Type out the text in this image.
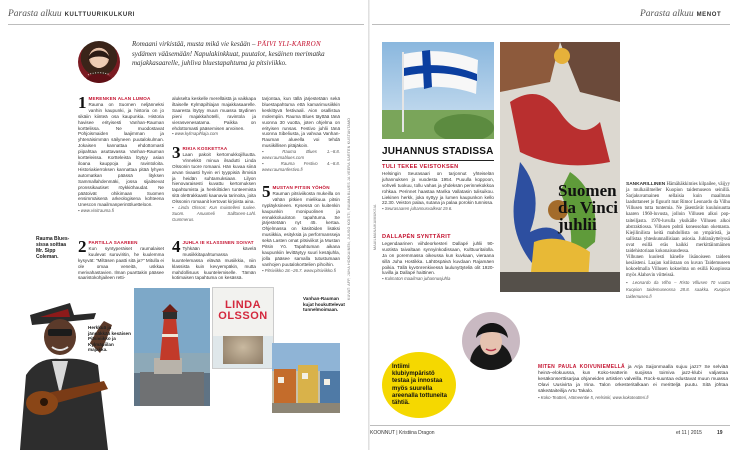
Parasta alkuu KULTTUURIKULKURI
Romaani virkistää, musta mikä vie kesään – PÄIVI YLI-KARRON sydämen vääsemään! Napulakinkkuat, puutalot, kesäinen merimatka majakkasaarelle, juhliva bluestapahtuma ja pitsiviikko.
1 MERENKEN ALAN LUMOA
Rauma on Suomen neljänneksi vanhin kaupunki, ja historia on jo sikäiin kiinteä osa kaupunkia. Historia havisee erityisesti Vanhan-Rauman korttelissa. Ne muodostavat Pohjoismaiden laajimman ja yhtenäisimmän säilyneen puutalokulman. Jokaisen kannattaa ehdottomasti piipahtaa asuttavassa Vanhan-Rauman kortteleissa. Kortteleista löytyy asian iloana kauppoja ja ravintoloita. Historiakierroksen kannattaa pitää lyhyen automatkan päässä lityksen Sammallahdenmäki, jossa sijaitsevat pronssikautiset röykkiöhaudat. Ne päätoivät ohikimaan Suomen ensimmäisenä arkeologisena kohteena Unescon maailmanperintöluetteloon.
▪ www.visitrauma.fi
2 PARTILLA SAAREEN
Kun syntyperäiset raumalaiset kuulevat suruviritin, he kuulemma kysyvät: "Miltäsen paatti sitä ja?" Mitulla ei ole omaa veneitä, uskkaa merivahastavien. Ilman puarttakin pääsee saaristokohjaileen retti-
alukselta keskelle merelläistä ja vaikkapa iltaiselle Kylmäpihlajan majakkasaarelle. Saaresta löytyy muun muassa täydinen pieni majakkahotelli, ravintola ja vierasvenesatama. Paikka on ehdottomasti pääsemisen arvoinen.
▪ www.kylmapihlaja.com
3 RIKIA KOSKETTAA
Laan pakoit kertomukkojilluutta. Vinnekkö minua ilsadutti Linda Olssonin tuore romaani. Hän kuvaa siinä arvan tivaasti hyvin eri tyyppisiä ihmisiä ja heidän suhtamuksiaan. Lilyon hienovaraisesti kuvattu kertomuksen tapahtumista ja henkilöiden tunteemista sitä olettrakkaasti kaanavia tarinoita, joita Olssonin romaanit kertovat kirjoista aina.
▪ Linda Olsson: Kun muistellesi tuulee. Suom. Anuumeli Salltanen-Lahl. Gummerus.
4 JUHLA IE KLASSINEN SOIVAT
Tyhkään kävelä musiikkitapahtumassa kuuntelemassa elävää musiikkia, niin klassista kuin kevyempäkin, mutta mahdollisuus kuuntelemiselle. Tämän kotimaisen tapahtuma on kesässä.
tarjontaa, kun tällä järjestetään sekä bluestapahtuma että kamarimusiikkin keskittyvä festivaali. Aion osallistua molempiin. Rauma Blues täyttää tänä vuonna 30 vuotta, joten ohjelma on erityisen runsas. Festivo juhlii tänä vuonna Sibeliusta, ja vahvaa Vanhan-Rauman alueella voi tehdä musiikillisen pitäjäkoin.
▪ Rauma Blues 1.–8.8. www.raumablues.com
▪ Rauma Festivo 4.–8.8. www.raumanfestivo.fi
5 MUSTAN PITSIN YÖHÖN
Rauman pitsiviikosta mukeilla on vähän pitkien mielikuua pitsin nypläyksineen. Kysessä on kuitenkin kaupunkin monipuolinen ja ennakkoluuloton tapahtuma. Se järjestetään nyt 45. kertaa. Ohjelmassa on käsitöiden lisäksi musiikkia, esityksiä ja performansseja sekä Lasten omat pitsiviikot ja Mustan Pitsin Yö. Tapahtuman aikana kaupunkiin levittäytyy suuri kesäjuhla, jolla pääsee samalla tutustumaan vanhojen puutalokorttelien pihoihin.
▪ Pitsiviikko 18.–26.7. www.pitsiviikko.fi	KUVAT: AFP, JUHA HOKKAINEN, JUUSO KOISTI, RAUMA BLUES JA VEERA SARTEN KUSTANTAMO
Rauma Blues-sissa soittaa Mr. Sipp Coleman.
Herkkuä ja jännäkkää kesäisen Pitsiviikko ja Kylmäpiilan majakka.
LINDA OLSSON
Vanhan-Rauman kujat houkuttelevat tunnelmoimaan.
Parasta alkuu MENOT
MAAILMANAIKAIMUKSIA
JUHANNUS STADISSA
TULI TEKEE VEISTOKSEN
Helsingin Seurasaari on tarjonnut yhteiselän juhannuksen jo vuodesta 1954. Puuulla koppoon, vohveli tuokuu, tollu vahas ja yhdeksän perinnekokkoa rohkaa. Perinnet haastaa Marika Vallatasin tulisuikou. Liekinen herkk, joka syttyy ja lumen kaupunkon kello 22.30. Veiston palaa, sutana ja palaa porokin tunnissa.
▪ Seurasaaren juhannusvalkeat 19.6.
DALLAPÉN SYNTTÄRIT
Legendaarinen viihdeorkesteri Dallapé juhlii 90-vuotista taivaltaan synnyinkodissaan, Kulttuuritalolla. Ja on poremmassa oikeussa kun kuvkaan, vieraana sillä Juha Hostikka. Lähtöspäivä kuvdaan Rajamäen poikia. Tällä kyvönrenkivessä laulunyttyteliä olit 1920-luvilla ja Dallapé haittinen.
▪ Kulmaton maailman juhannusjuhla
Intiimi klubiympäristö testaa ja innostaa myös suurella areenalla tottuneita tähtiä.
Suomen da Vinci juhlii
SANKARILLINEN Hämähäkkimies kilpailee, väijyy ja mulkaiilmeller Kuopion taidemuseon seinillä. Sarjakuvamainen sellaisia kuin maailman laaduttaneet jo figuurit mat Rimor Leonardo da Vilhu Villusen tutta tuntemia. Ne jäsentävät kuuluisuutta kaaren 1960-luvusta, jolloin Villusen alkoi pop-taiteiljasta. 1970-luvulla yksikälle Villusen alkoi abstraktiossa. Villusen pohtii koneosohan okemasta. Kiejilinilista keitä mahdollista on ympäristä, ja sallistaa yhteskunnallisiaan asiosia. Juhlanäyttelyssä ovat esillä eräs kaikki merkittäinmäinen taidehistoriaan kokonaisuudessa.
Vilhunen kuolesti hänelle lisänoiseen taideen kesäisteni. Laajan koliistaan on kuvan Taidemuseen kokoelmalla Villusen kokoelma on esillä Kuopiossa myös Alahovin viitteissä.
▪ Leonardo da Vilho – Risto Villusen 70 vuotta Kuopion taidemuseossa 28.8. saakka. Kuopion taidemuseo.fi
MITEN PAULA KOIVUNIEMELLÄ ja Arja Saijonmaalla sujuu jazz? Se selviää heinä–elokuussa, kun Koko-teatterin suojissa toimiva jazz-klubi valjastaa kesäkonserttisarjaa ohjaneiden artistien valveilla. Rock-suuntaa edustavat muun muassa Olavi Uusivirta ja Irina. Talon orkesteritalkaan ei meritteljä puutu. Sitä jöhtaa säkeätaiteilija Artu Takalo.
▪ Koko-Teatteri, Hämeentie 5, Helsinki, www.kokoteatteri.fi
KOONNUT | Kristiina Dragon	et 11 | 2015	19
